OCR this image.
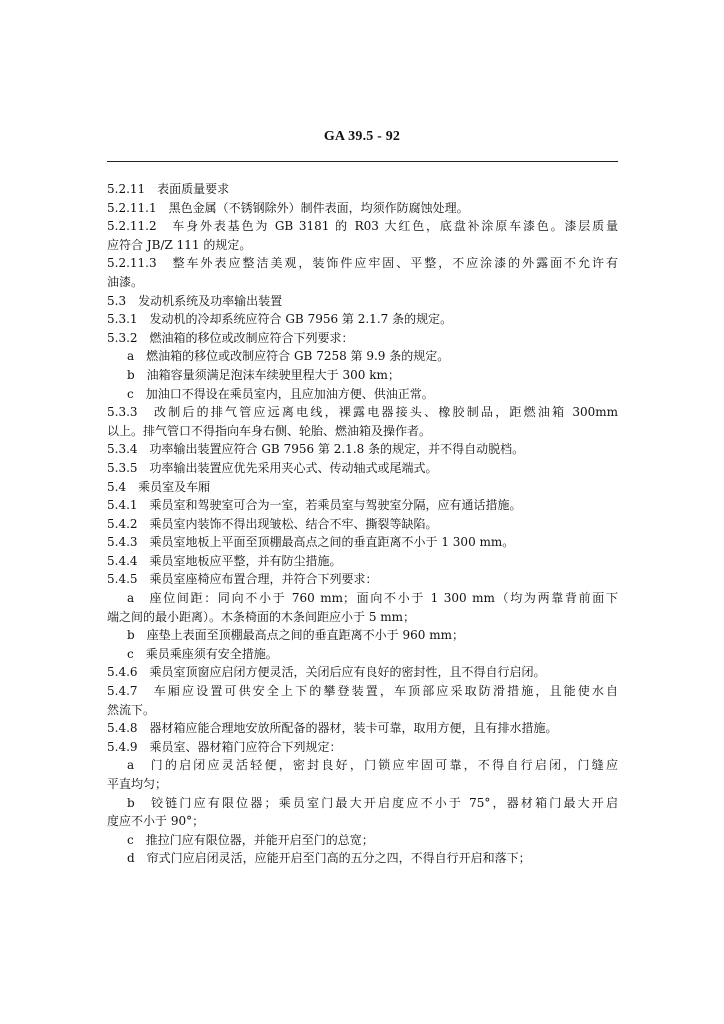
GA 39.5 - 92
5.2.11　表面质量要求
5.2.11.1　黑色金属（不锈钢除外）制件表面，均须作防腐蚀处理。
5.2.11.2　车身外表基色为 GB 3181 的 R03 大红色，底盘补涂原车漆色。漆层质量
应符合 JB/Z 111 的规定。
5.2.11.3　整车外表应整洁美观，装饰件应牢固、平整，不应涂漆的外露面不允许有
油漆。
5.3　发动机系统及功率输出装置
5.3.1　发动机的冷却系统应符合 GB 7956 第 2.1.7 条的规定。
5.3.2　燃油箱的移位或改制应符合下列要求：
a　燃油箱的移位或改制应符合 GB 7258 第 9.9 条的规定。
b　油箱容量须满足泡沫车续驶里程大于 300 km；
c　加油口不得设在乘员室内，且应加油方便、供油正常。
5.3.3　改制后的排气管应远离电线，裸露电器接头、橡胶制品，距燃油箱 300mm
以上。排气管口不得指向车身右侧、轮胎、燃油箱及操作者。
5.3.4　功率输出装置应符合 GB 7956 第 2.1.8 条的规定，并不得自动脱档。
5.3.5　功率输出装置应优先采用夹心式、传动轴式或尾端式。
5.4　乘员室及车厢
5.4.1　乘员室和驾驶室可合为一室，若乘员室与驾驶室分隔，应有通话措施。
5.4.2　乘员室内装饰不得出现皱松、结合不牢、撕裂等缺陷。
5.4.3　乘员室地板上平面至顶棚最高点之间的垂直距离不小于 1 300 mm。
5.4.4　乘员室地板应平整，并有防尘措施。
5.4.5　乘员室座椅应布置合理，并符合下列要求：
a　座位间距：同向不小于 760 mm；面向不小于 1 300 mm（均为两靠背前面下
端之间的最小距离）。木条椅面的木条间距应小于 5 mm；
b　座垫上表面至顶棚最高点之间的垂直距离不小于 960 mm；
c　乘员乘座须有安全措施。
5.4.6　乘员室顶窗应启闭方便灵活，关闭后应有良好的密封性，且不得自行启闭。
5.4.7　车厢应设置可供安全上下的攀登装置，车顶部应采取防滑措施，且能使水自
然流下。
5.4.8　器材箱应能合理地安放所配备的器材，装卡可靠，取用方便，且有排水措施。
5.4.9　乘员室、器材箱门应符合下列规定：
a　门的启闭应灵活轻便，密封良好，门锁应牢固可靠，不得自行启闭，门缝应
平直均匀；
b　铰链门应有限位器；乘员室门最大开启度应不小于 75°，器材箱门最大开启
度应不小于 90°；
c　推拉门应有限位器，并能开启至门的总宽；
d　帘式门应启闭灵活，应能开启至门高的五分之四，不得自行开启和落下；
